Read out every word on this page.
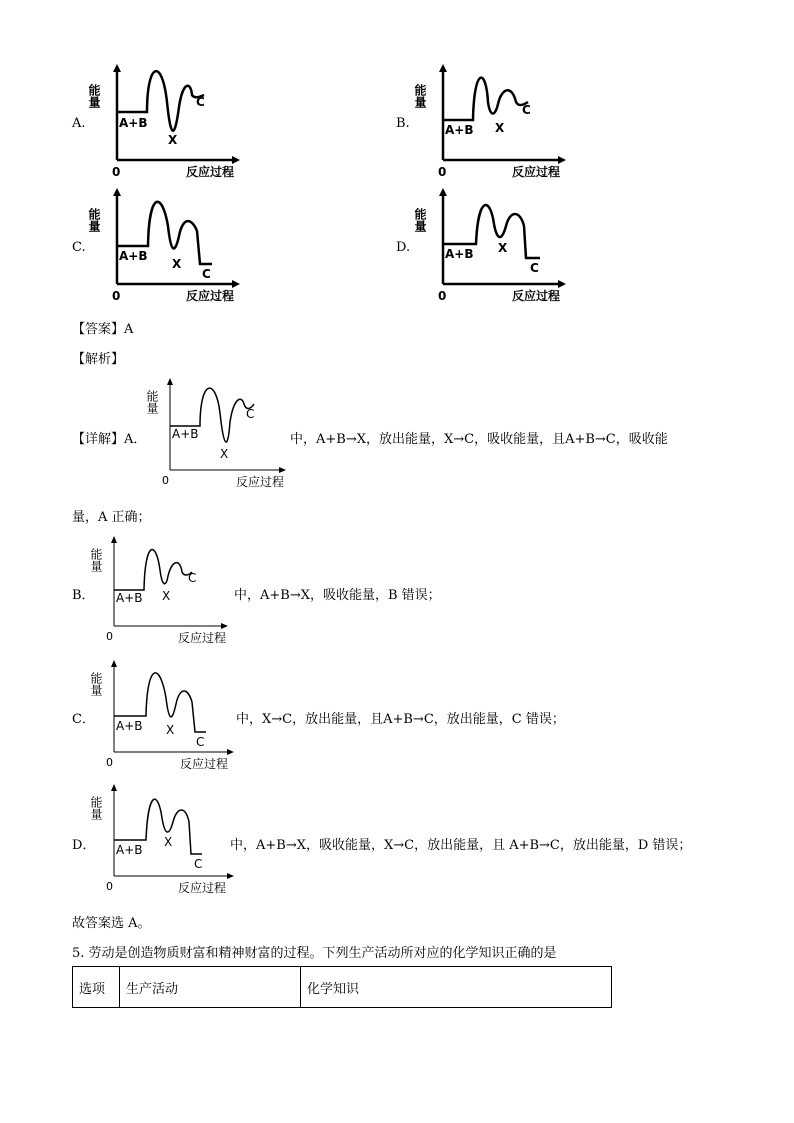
A.
能量
A+B
X
C
0	反应过程
B.
能量
A+B X
C
0	反应过程
C.
能量
A+B
X
C
0	反应过程
D.
能量
A+B X
C
0	反应过程
【答案】A
【解析】
【详解】A．
能量
A+B
X
C
0	反应过程
中，A+B→X，放出能量，X→C，吸收能量，且A+B→C，吸收能
量，A 正确；
B．
能量
A+B X
C
0	反应过程
中，A+B→X，吸收能量，B 错误；
C．
能量
A+B X
C
0	反应过程
中，X→C，放出能量，且A+B→C，放出能量，C 错误；
D．
能量
A+B
X
C
0	反应过程
中，A+B→X，吸收能量，X→C，放出能量，且 A+B→C，放出能量，D 错误；
故答案选 A。
5. 劳动是创造物质财富和精神财富的过程。下列生产活动所对应的化学知识正确的是
选项	生产活动	化学知识
